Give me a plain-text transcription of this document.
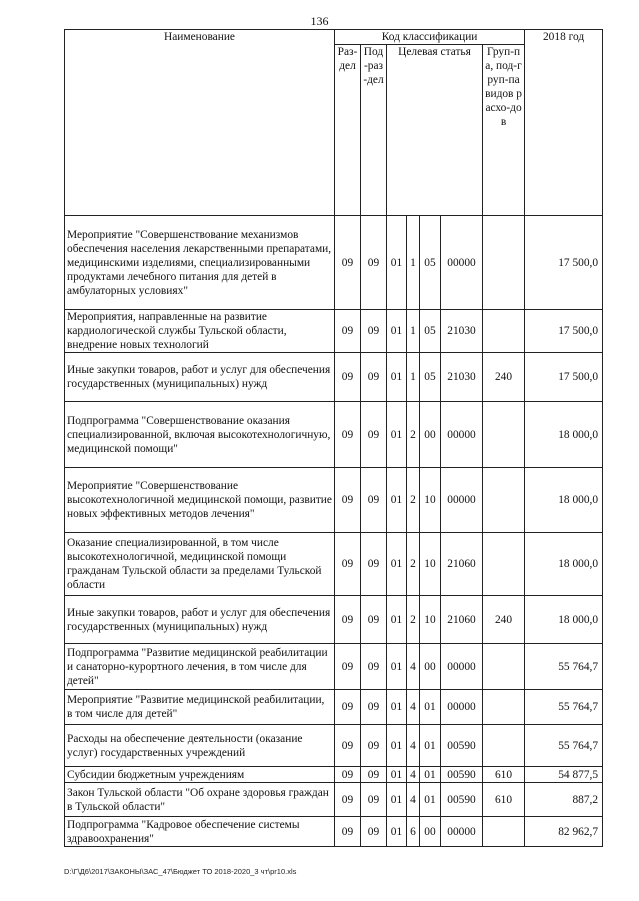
136
Наименование	Код классификации							2018 год

	Раз-дел	Под-раз-дел	Целевая статья				Груп-па, под-груп-па видов расхо-дов	

Мероприятие "Совершенствование механизмов обеспечения населения лекарственными препаратами, медицинскими изделиями, специализированными продуктами лечебного питания для детей в амбулаторных условиях"	09	09	01	1	05	00000		17 500,0
Мероприятия, направленные на развитие кардиологической службы Тульской области, внедрение новых технологий	09	09	01	1	05	21030		17 500,0
Иные закупки товаров, работ и услуг для обеспечения государственных (муниципальных) нужд	09	09	01	1	05	21030	240	17 500,0
Подпрограмма "Совершенствование оказания специализированной, включая высокотехнологичную, медицинской помощи"	09	09	01	2	00	00000		18 000,0
Мероприятие "Совершенствование высокотехнологичной медицинской помощи, развитие новых эффективных методов лечения"	09	09	01	2	10	00000		18 000,0
Оказание специализированной, в том числе высокотехнологичной, медицинской помощи гражданам Тульской области за пределами Тульской области	09	09	01	2	10	21060		18 000,0
Иные закупки товаров, работ и услуг для обеспечения государственных (муниципальных) нужд	09	09	01	2	10	21060	240	18 000,0
Подпрограмма "Развитие медицинской реабилитации и санаторно-курортного лечения, в том числе для детей"	09	09	01	4	00	00000		55 764,7
Мероприятие "Развитие медицинской реабилитации, в том числе для детей"	09	09	01	4	01	00000		55 764,7
Расходы на обеспечение деятельности (оказание услуг) государственных учреждений	09	09	01	4	01	00590		55 764,7
Субсидии бюджетным учреждениям	09	09	01	4	01	00590	610	54 877,5
Закон Тульской области "Об охране здоровья граждан в Тульской области"	09	09	01	4	01	00590	610	887,2
Подпрограмма "Кадровое обеспечение системы здравоохранения"	09	09	01	6	00	00000		82 962,7
D:\Г\Д6\2017\ЗАКОНЫ\ЗАС_47\Бюджет ТО 2018-2020_3 чт\pr10.xls
